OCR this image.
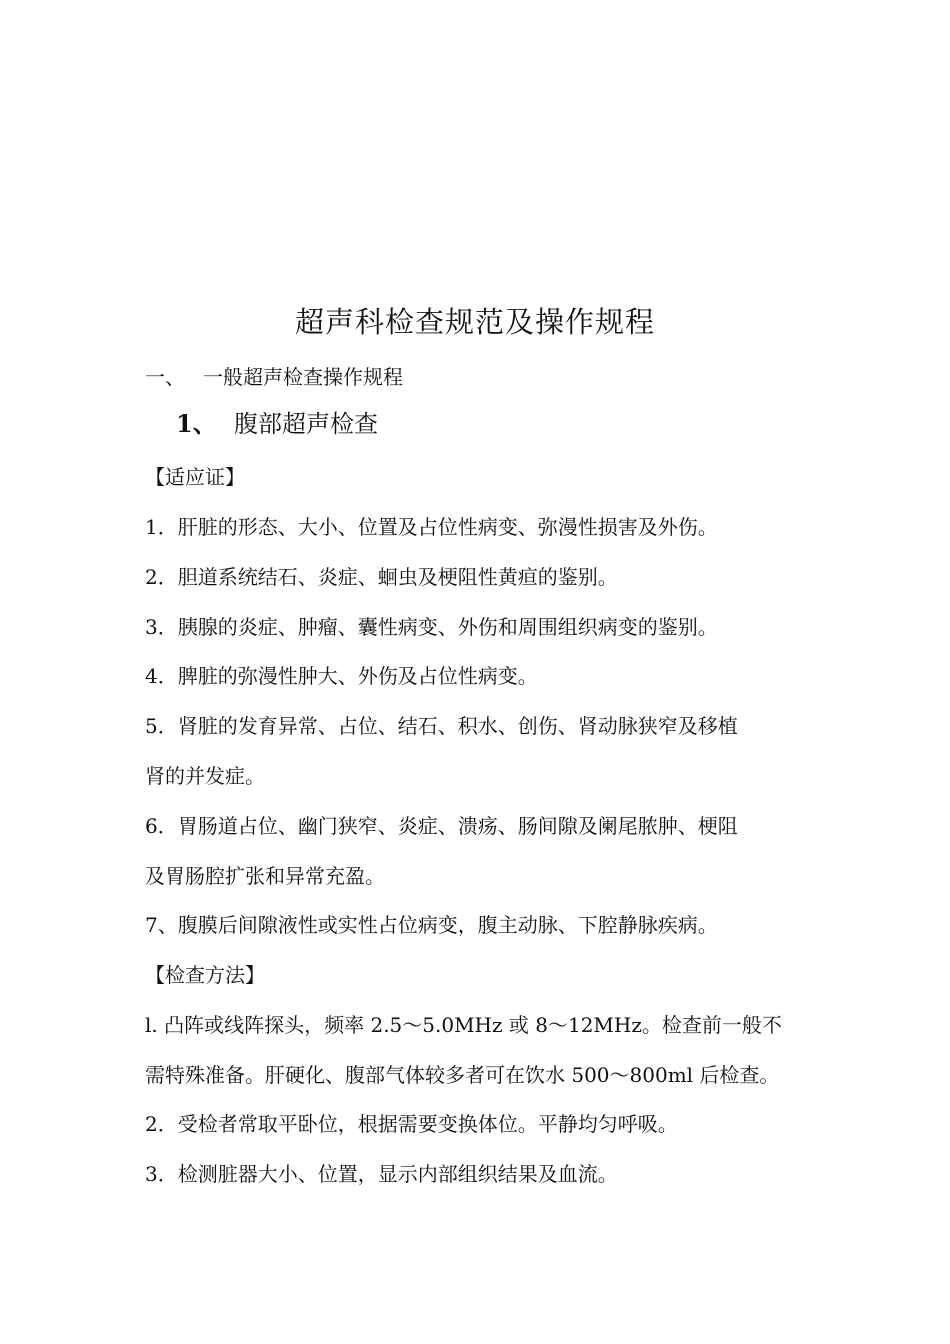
超声科检查规范及操作规程
一、 一般超声检查操作规程
1、 腹部超声检查
【适应证】
1．肝脏的形态、大小、位置及占位性病变、弥漫性损害及外伤。
2．胆道系统结石、炎症、蛔虫及梗阻性黄疸的鉴别。
3．胰腺的炎症、肿瘤、囊性病变、外伤和周围组织病变的鉴别。
4．脾脏的弥漫性肿大、外伤及占位性病变。
5．肾脏的发育异常、占位、结石、积水、创伤、肾动脉狭窄及移植
肾的并发症。
6．胃肠道占位、幽门狭窄、炎症、溃疡、肠间隙及阑尾脓肿、梗阻
及胃肠腔扩张和异常充盈。
7、腹膜后间隙液性或实性占位病变，腹主动脉、下腔静脉疾病。
【检查方法】
l. 凸阵或线阵探头，频率 2.5～5.0MHz 或 8～12MHz。检查前一般不
需特殊准备。肝硬化、腹部气体较多者可在饮水 500～800ml 后检查。
2．受检者常取平卧位，根据需要变换体位。平静均匀呼吸。
3．检测脏器大小、位置，显示内部组织结果及血流。
